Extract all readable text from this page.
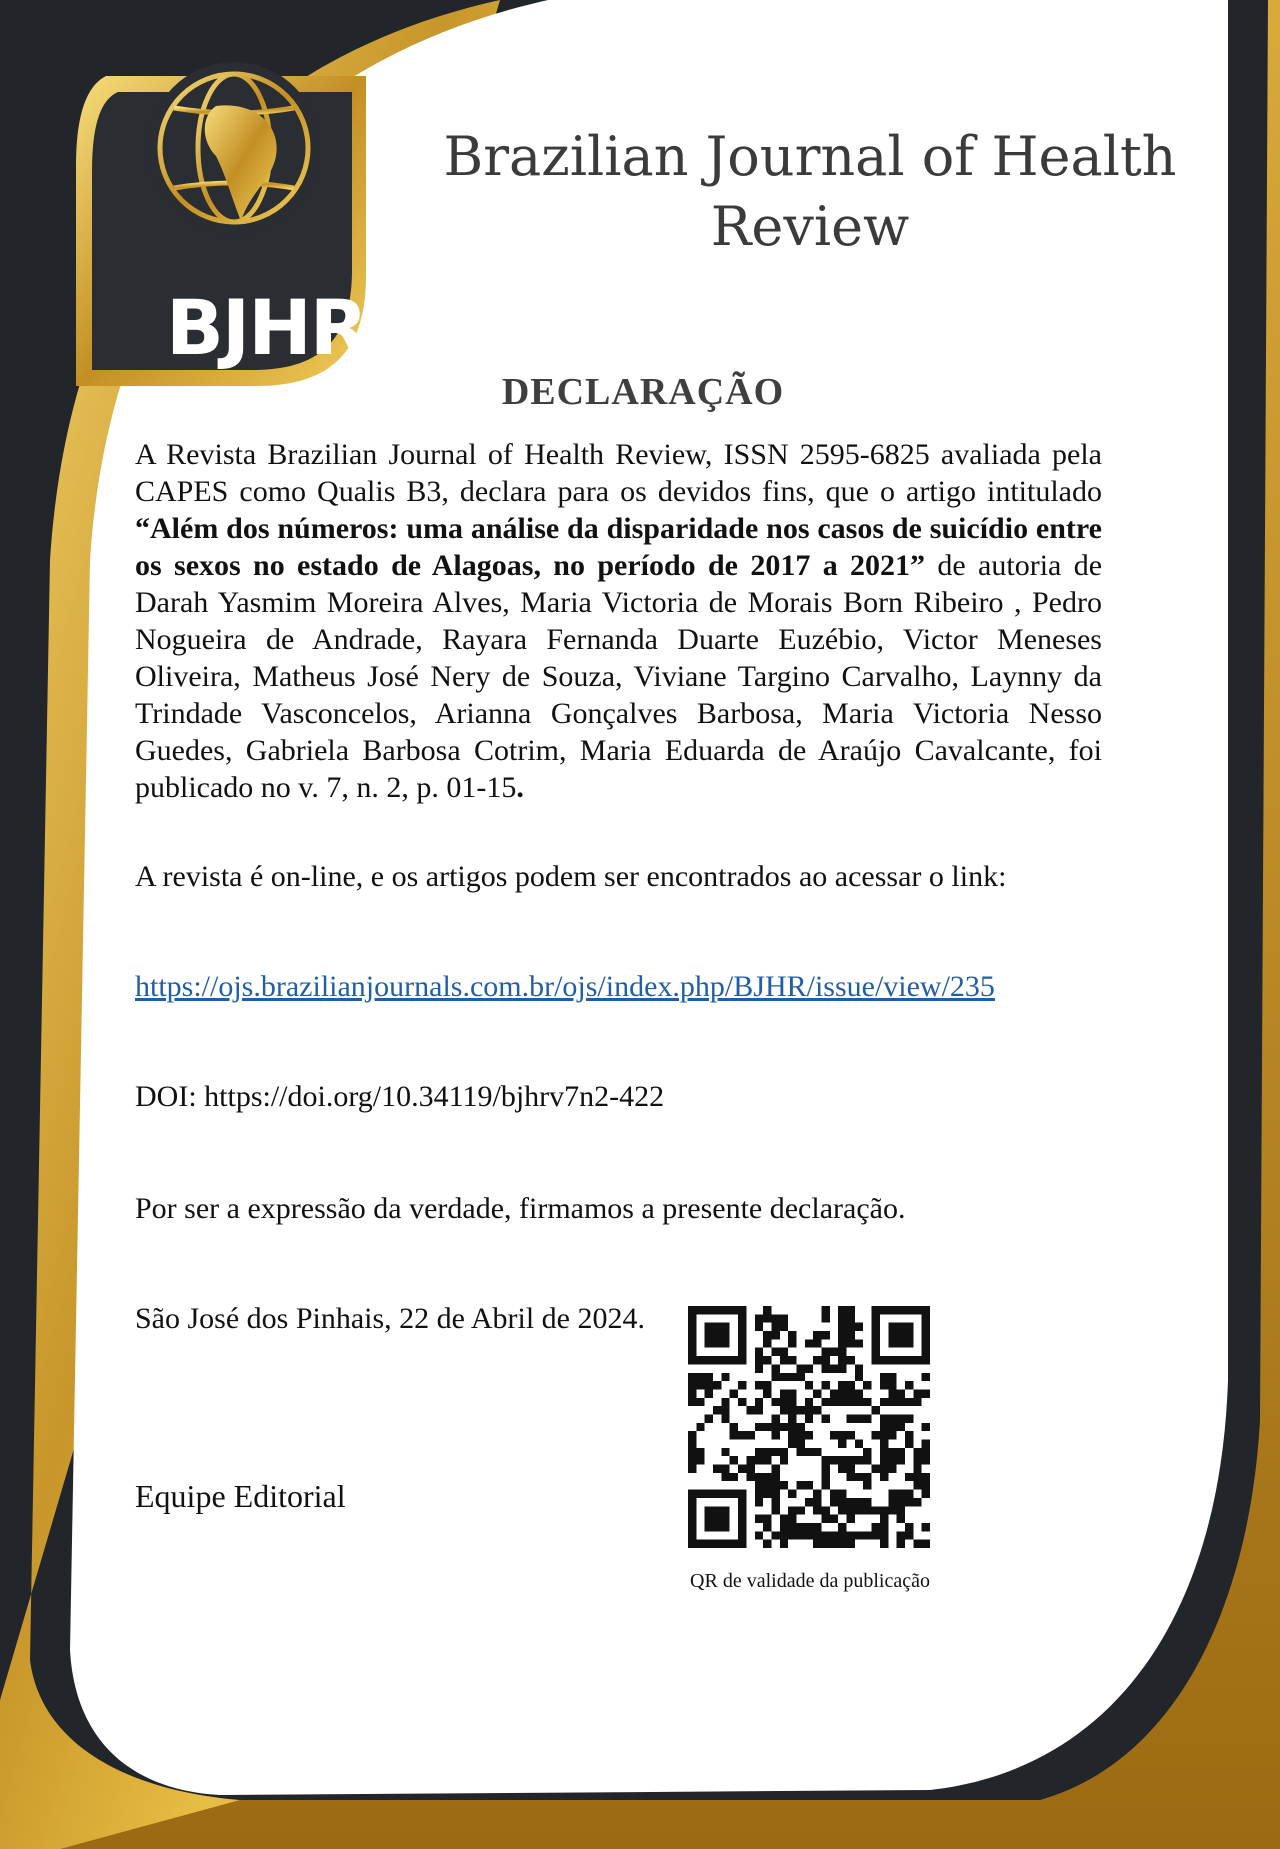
BJHR
Brazilian Journal of Health
Review
DECLARAÇÃO

A Revista Brazilian Journal of Health Review, ISSN 2595-6825 avaliada pela CAPES como Qualis B3, declara para os devidos fins, que o artigo intitulado “Além dos números: uma análise da disparidade nos casos de suicídio entre os sexos no estado de Alagoas, no período de 2017 a 2021” de autoria de Darah Yasmim Moreira Alves, Maria Victoria de Morais Born Ribeiro , Pedro Nogueira de Andrade, Rayara Fernanda Duarte Euzébio, Victor Meneses Oliveira, Matheus José Nery de Souza, Viviane Targino Carvalho, Laynny da Trindade Vasconcelos, Arianna Gonçalves Barbosa, Maria Victoria Nesso Guedes, Gabriela Barbosa Cotrim, Maria Eduarda de Araújo Cavalcante, foi publicado no v. 7, n. 2, p. 01-15.

A revista é on-line, e os artigos podem ser encontrados ao acessar o link:

https://ojs.brazilianjournals.com.br/ojs/index.php/BJHR/issue/view/235

DOI: https://doi.org/10.34119/bjhrv7n2-422

Por ser a expressão da verdade, firmamos a presente declaração.

São José dos Pinhais, 22 de Abril de 2024.

Equipe Editorial

QR de validade da publicação
